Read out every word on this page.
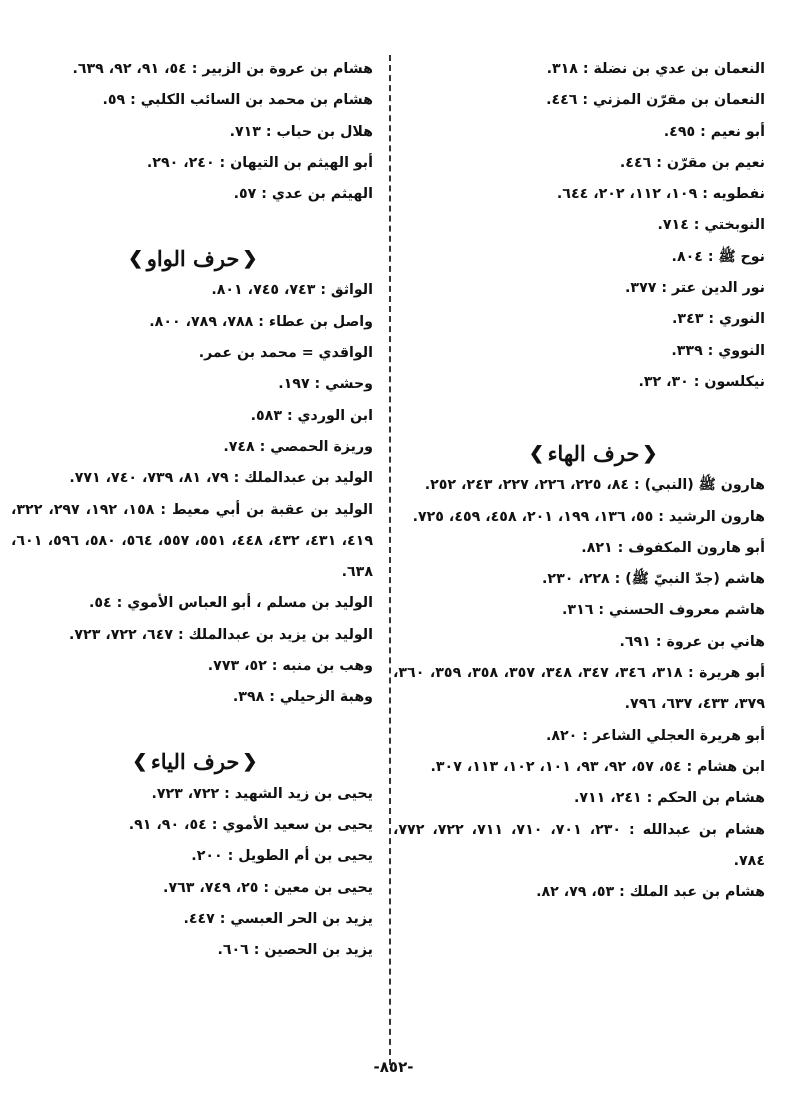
النعمان بن عدي بن نضلة : ٣١٨.
النعمان بن مقرّن المزني : ٤٤٦.
أبو نعيم : ٤٩٥.
نعيم بن مقرّن : ٤٤٦.
نفطويه : ١٠٩، ١١٢، ٢٠٢، ٦٤٤.
النوبختي : ٧١٤.
نوح ﷺ : ٨٠٤.
نور الدين عتر : ٣٧٧.
النوري : ٣٤٣.
النووي : ٣٣٩.
نيكلسون : ٣٠، ٣٢.
❮
حرف الهاء
❯
هارون ﷺ (النبي) : ٨٤، ٢٢٥، ٢٢٦، ٢٢٧، ٢٤٣، ٢٥٢.
هارون الرشيد : ٥٥، ١٣٦، ١٩٩، ٢٠١، ٤٥٨، ٤٥٩، ٧٢٥.
أبو هارون المكفوف : ٨٢١.
هاشم (جدّ النبيّ ﷺ) : ٢٢٨، ٢٣٠.
هاشم معروف الحسني : ٣١٦.
هاني بن عروة : ٦٩١.
أبو هريرة : ٣١٨، ٣٤٦، ٣٤٧، ٣٤٨، ٣٥٧، ٣٥٨، ٣٥٩، ٣٦٠، ٣٧٩، ٤٣٣، ٦٣٧، ٧٩٦.
أبو هريرة العجلي الشاعر : ٨٢٠.
ابن هشام : ٥٤، ٥٧، ٩٢، ٩٣، ١٠١، ١٠٢، ١١٣، ٣٠٧.
هشام بن الحكم : ٢٤١، ٧١١.
هشام بن عبدالله : ٢٣٠، ٧٠١، ٧١٠، ٧١١، ٧٢٢، ٧٧٢، ٧٨٤.
هشام بن عبد الملك : ٥٣، ٧٩، ٨٢.
هشام بن عروة بن الزبير : ٥٤، ٩١، ٩٢، ٦٣٩.
هشام بن محمد بن السائب الكلبي : ٥٩.
هلال بن حباب : ٧١٣.
أبو الهيثم بن التيهان : ٢٤٠، ٢٩٠.
الهيثم بن عدي : ٥٧.
❮
حرف الواو
❯
الواثق : ٧٤٣، ٧٤٥، ٨٠١.
واصل بن عطاء : ٧٨٨، ٧٨٩، ٨٠٠.
الواقدي = محمد بن عمر.
وحشي : ١٩٧.
ابن الوردي : ٥٨٣.
وريزة الحمصي : ٧٤٨.
الوليد بن عبدالملك : ٧٩، ٨١، ٧٣٩، ٧٤٠، ٧٧١.
الوليد بن عقبة بن أبي معيط : ١٥٨، ١٩٢، ٢٩٧، ٣٢٢، ٤١٩، ٤٣١، ٤٣٢، ٤٤٨، ٥٥١، ٥٥٧، ٥٦٤، ٥٨٠، ٥٩٦، ٦٠١، ٦٣٨.
الوليد بن مسلم ، أبو العباس الأموي : ٥٤.
الوليد بن يزيد بن عبدالملك : ٦٤٧، ٧٢٢، ٧٢٣.
وهب بن منبه : ٥٢، ٧٧٣.
وهبة الزحيلي : ٣٩٨.
❮
حرف الياء
❯
يحيى بن زيد الشهيد : ٧٢٢، ٧٢٣.
يحيى بن سعيد الأموي : ٥٤، ٩٠، ٩١.
يحيى بن أم الطويل : ٢٠٠.
يحيى بن معين : ٢٥، ٧٤٩، ٧٦٣.
يزيد بن الحر العبسي : ٤٤٧.
يزيد بن الحصين : ٦٠٦.
-٨٥٢-
